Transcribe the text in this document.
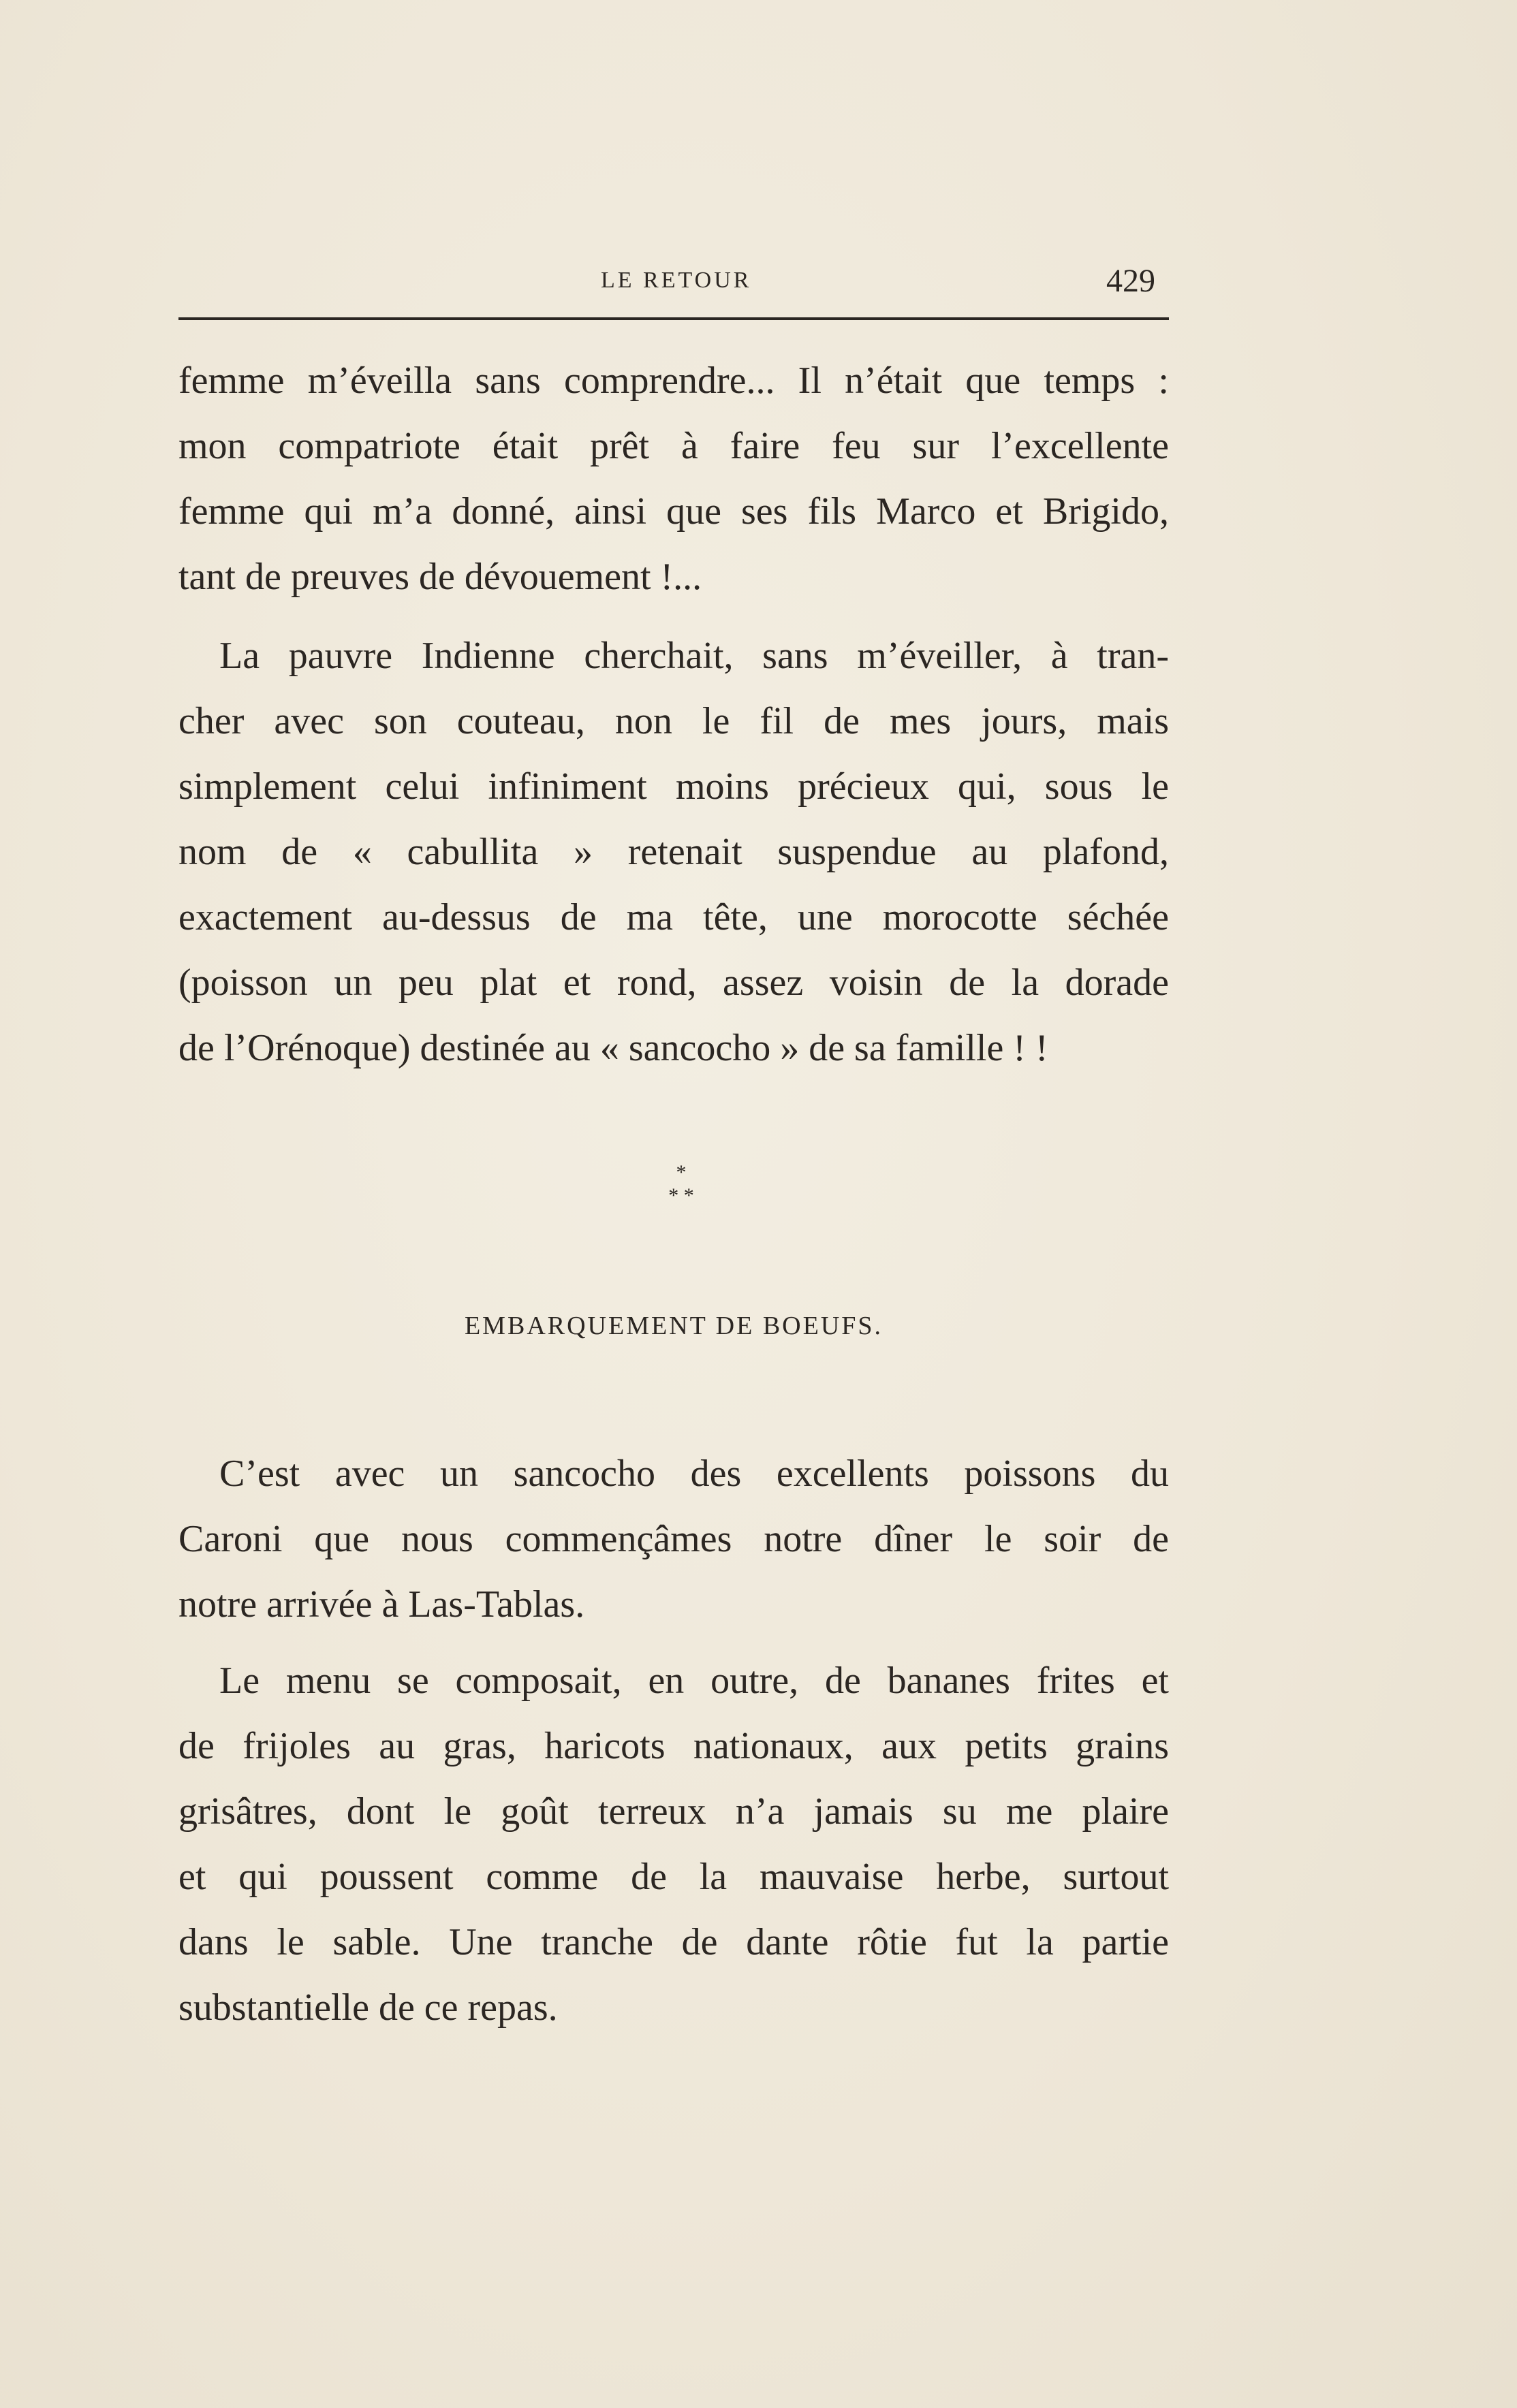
LE RETOUR	429

femme m’éveilla sans comprendre... Il n’était que temps :
mon compatriote était prêt à faire feu sur l’excellente
femme qui m’a donné, ainsi que ses fils Marco et Brigido,
tant de preuves de dévouement !...

La pauvre Indienne cherchait, sans m’éveiller, à tran-
cher avec son couteau, non le fil de mes jours, mais
simplement celui infiniment moins précieux qui, sous le
nom de « cabullita » retenait suspendue au plafond,
exactement au-dessus de ma tête, une morocotte séchée
(poisson un peu plat et rond, assez voisin de la dorade
de l’Orénoque) destinée au « sancocho » de sa famille ! !

*
* *
EMBARQUEMENT DE BOEUFS.

C’est avec un sancocho des excellents poissons du
Caroni que nous commençâmes notre dîner le soir de
notre arrivée à Las-Tablas.

Le menu se composait, en outre, de bananes frites et
de frijoles au gras, haricots nationaux, aux petits grains
grisâtres, dont le goût terreux n’a jamais su me plaire
et qui poussent comme de la mauvaise herbe, surtout
dans le sable. Une tranche de dante rôtie fut la partie
substantielle de ce repas.
